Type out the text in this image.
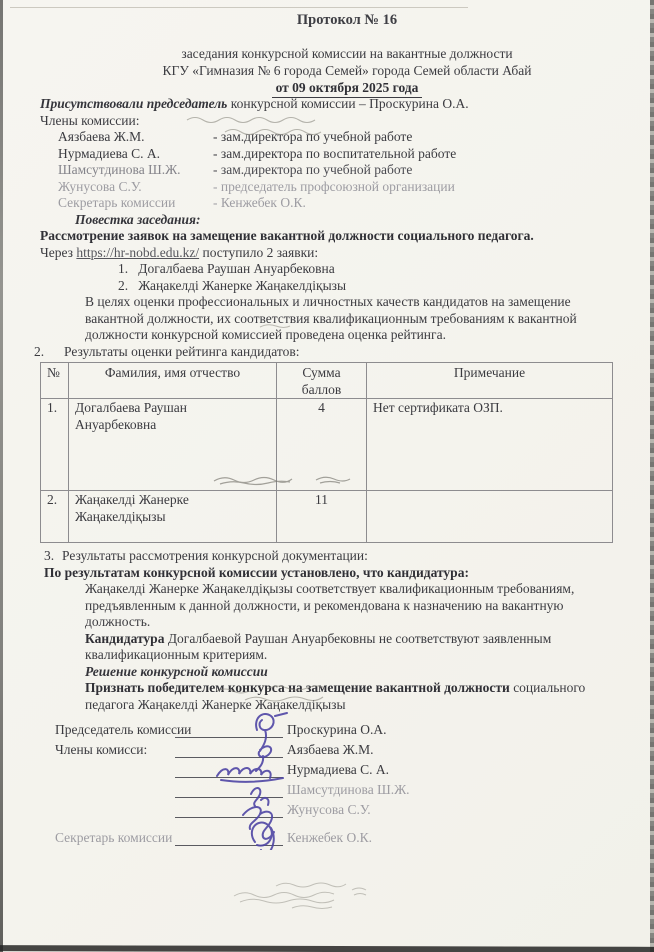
Протокол № 16
заседания конкурсной комиссии на вакантные должности
КГУ «Гимназия № 6 города Семей» города Семей области Абай
от 09 октября 2025 года
Присутствовали председатель конкурсной комиссии – Проскурина О.А.
Члены комиссии:
Аязбаева Ж.М.	- зам.директора по учебной работе
Нурмадиева С. А.	- зам.директора по воспитательной работе
Шамсутдинова Ш.Ж.	- зам.директора по учебной работе
Жунусова С.У.	- председатель профсоюзной организации
Секретарь комиссии	- Кенжебек О.К.
Повестка заседания:
Рассмотрение заявок на замещение вакантной должности социального педагога.
Через https://hr-nobd.edu.kz/ поступило 2 заявки:
1. Догалбаева Раушан Ануарбековна
2. Жаңакелді Жанерке Жаңакелдіқызы
В целях оценки профессиональных и личностных качеств кандидатов на замещение вакантной должности, их соответствия квалификационным требованиям к вакантной должности конкурсной комиссией проведена оценка рейтинга.
2.	Результаты оценки рейтинга кандидатов:
№	Фамилия, имя отчество	Сумма баллов	Примечание
1.	Догалбаева Раушан Ануарбековна	4	Нет сертификата ОЗП.
2.	Жаңакелді Жанерке Жаңакелдіқызы	11	
3. Результаты рассмотрения конкурсной документации:
По результатам конкурсной комиссии установлено, что кандидатура:
Жаңакелді Жанерке Жаңакелдіқызы соответствует квалификационным требованиям, предъявленным к данной должности, и рекомендована к назначению на вакантную должность.
Кандидатура Догалбаевой Раушан Ануарбековны не соответствуют заявленным квалификационным критериям.
Решение конкурсной комиссии
Признать победителем конкурса на замещение вакантной должности социального педагога Жаңакелді Жанерке Жаңакелдіқызы
Председатель комиссии	Проскурина О.А.
Члены комисси:	Аязбаева Ж.М.
Нурмадиева С. А.
Шамсутдинова Ш.Ж.
Жунусова С.У.
Секретарь комиссии	Кенжебек О.К.
